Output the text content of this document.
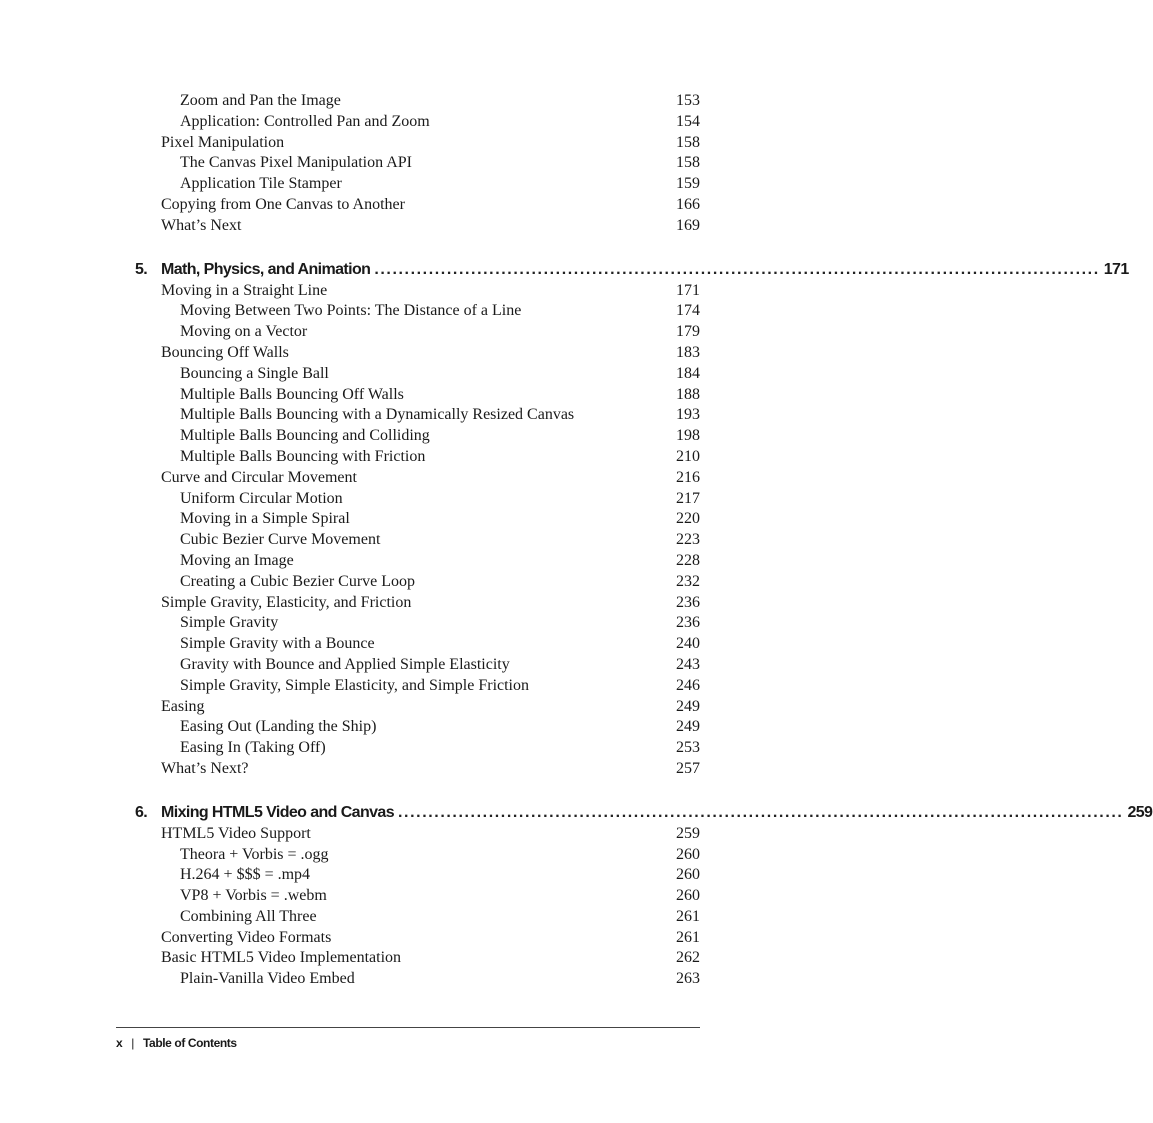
Zoom and Pan the Image	153
Application: Controlled Pan and Zoom	154
Pixel Manipulation	158
The Canvas Pixel Manipulation API	158
Application Tile Stamper	159
Copying from One Canvas to Another	166
What’s Next	169
5. Math, Physics, and Animation ........................................................................................................................ 171
Moving in a Straight Line	171
Moving Between Two Points: The Distance of a Line	174
Moving on a Vector	179
Bouncing Off Walls	183
Bouncing a Single Ball	184
Multiple Balls Bouncing Off Walls	188
Multiple Balls Bouncing with a Dynamically Resized Canvas	193
Multiple Balls Bouncing and Colliding	198
Multiple Balls Bouncing with Friction	210
Curve and Circular Movement	216
Uniform Circular Motion	217
Moving in a Simple Spiral	220
Cubic Bezier Curve Movement	223
Moving an Image	228
Creating a Cubic Bezier Curve Loop	232
Simple Gravity, Elasticity, and Friction	236
Simple Gravity	236
Simple Gravity with a Bounce	240
Gravity with Bounce and Applied Simple Elasticity	243
Simple Gravity, Simple Elasticity, and Simple Friction	246
Easing	249
Easing Out (Landing the Ship)	249
Easing In (Taking Off)	253
What’s Next?	257
6. Mixing HTML5 Video and Canvas ........................................................................................................................ 259
HTML5 Video Support	259
Theora + Vorbis = .ogg	260
H.264 + $$$ = .mp4	260
VP8 + Vorbis = .webm	260
Combining All Three	261
Converting Video Formats	261
Basic HTML5 Video Implementation	262
Plain-Vanilla Video Embed	263
x | Table of Contents
